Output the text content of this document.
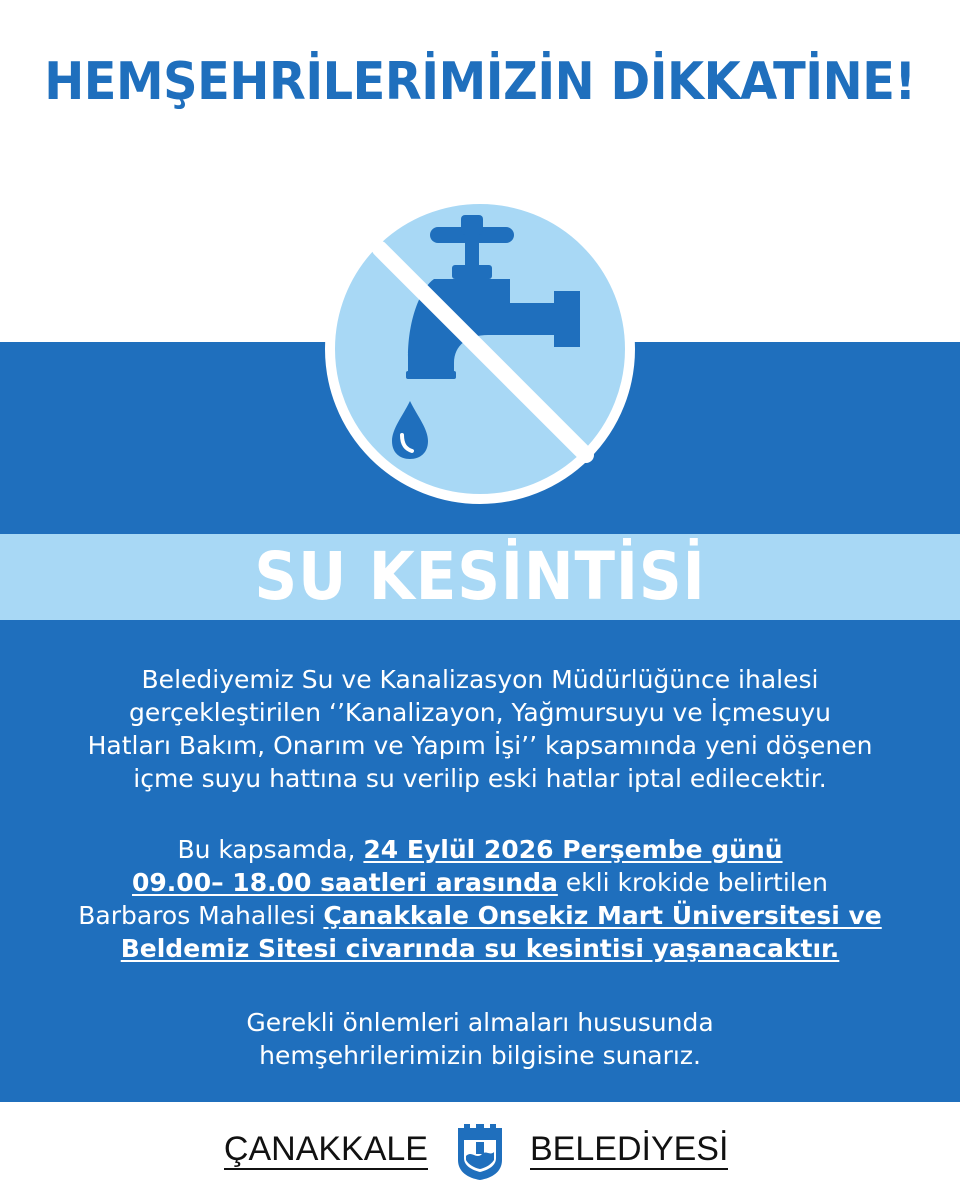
HEMŞEHRİLERİMİZİN DİKKATİNE!
SU KESİNTİSİ
Belediyemiz Su ve Kanalizasyon Müdürlüğünce ihalesi
gerçekleştirilen ‘’Kanalizayon, Yağmursuyu ve İçmesuyu
Hatları Bakım, Onarım ve Yapım İşi’’ kapsamında yeni döşenen
içme suyu hattına su verilip eski hatlar iptal edilecektir.
Bu kapsamda, 24 Eylül 2026 Perşembe günü
09.00– 18.00 saatleri arasında ekli krokide belirtilen
Barbaros Mahallesi Çanakkale Onsekiz Mart Üniversitesi ve
Beldemiz Sitesi civarında su kesintisi yaşanacaktır.
Gerekli önlemleri almaları hususunda
hemşehrilerimizin bilgisine sunarız.
ÇANAKKALE	BELEDİYESİ
